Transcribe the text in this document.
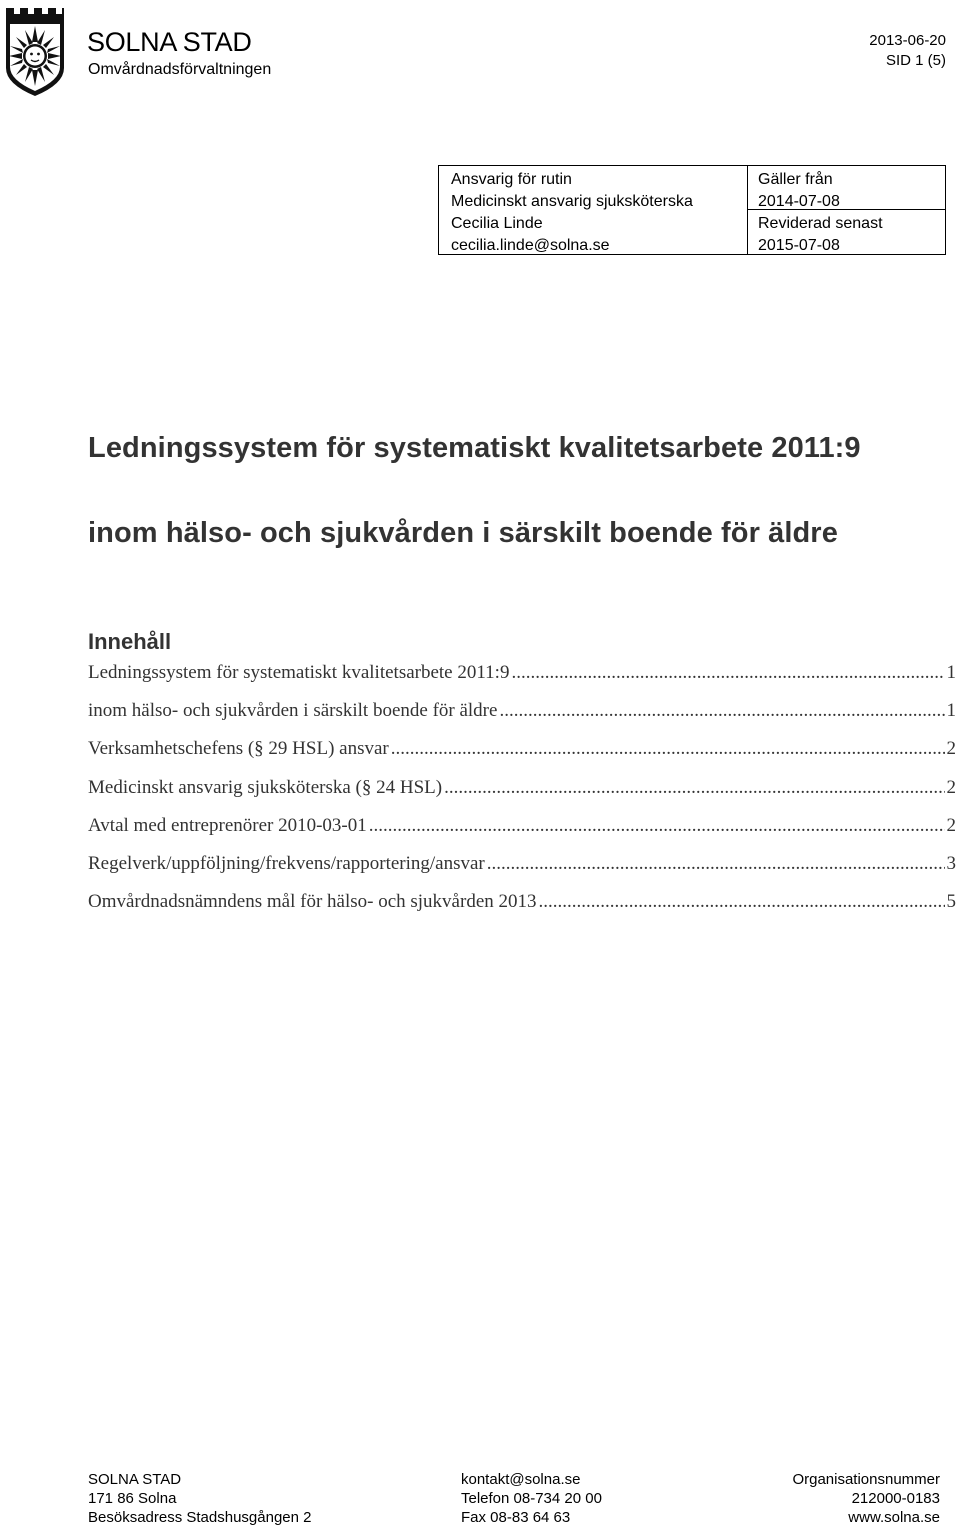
SOLNA STAD
Omvårdnadsförvaltningen
2013-06-20
SID 1 (5)
Ansvarig för rutin
Medicinskt ansvarig sjuksköterska
Cecilia Linde
cecilia.linde@solna.se
Gäller från
2014-07-08
Reviderad senast
2015-07-08
Ledningssystem för systematiskt kvalitetsarbete 2011:9
inom hälso- och sjukvården i särskilt boende för äldre
Innehåll
Ledningssystem för systematiskt kvalitetsarbete 2011:9 .....	1
inom hälso- och sjukvården i särskilt boende för äldre .....	1
Verksamhetschefens (§ 29 HSL) ansvar .....	2
Medicinskt ansvarig sjuksköterska (§ 24 HSL) .....	2
Avtal med entreprenörer 2010-03-01 .....	2
Regelverk/uppföljning/frekvens/rapportering/ansvar .....	3
Omvårdnadsnämndens mål för hälso- och sjukvården 2013 .....	5
SOLNA STAD
171 86 Solna
Besöksadress Stadshusgången 2
kontakt@solna.se
Telefon 08-734 20 00
Fax 08-83 64 63
Organisationsnummer
212000-0183
www.solna.se
